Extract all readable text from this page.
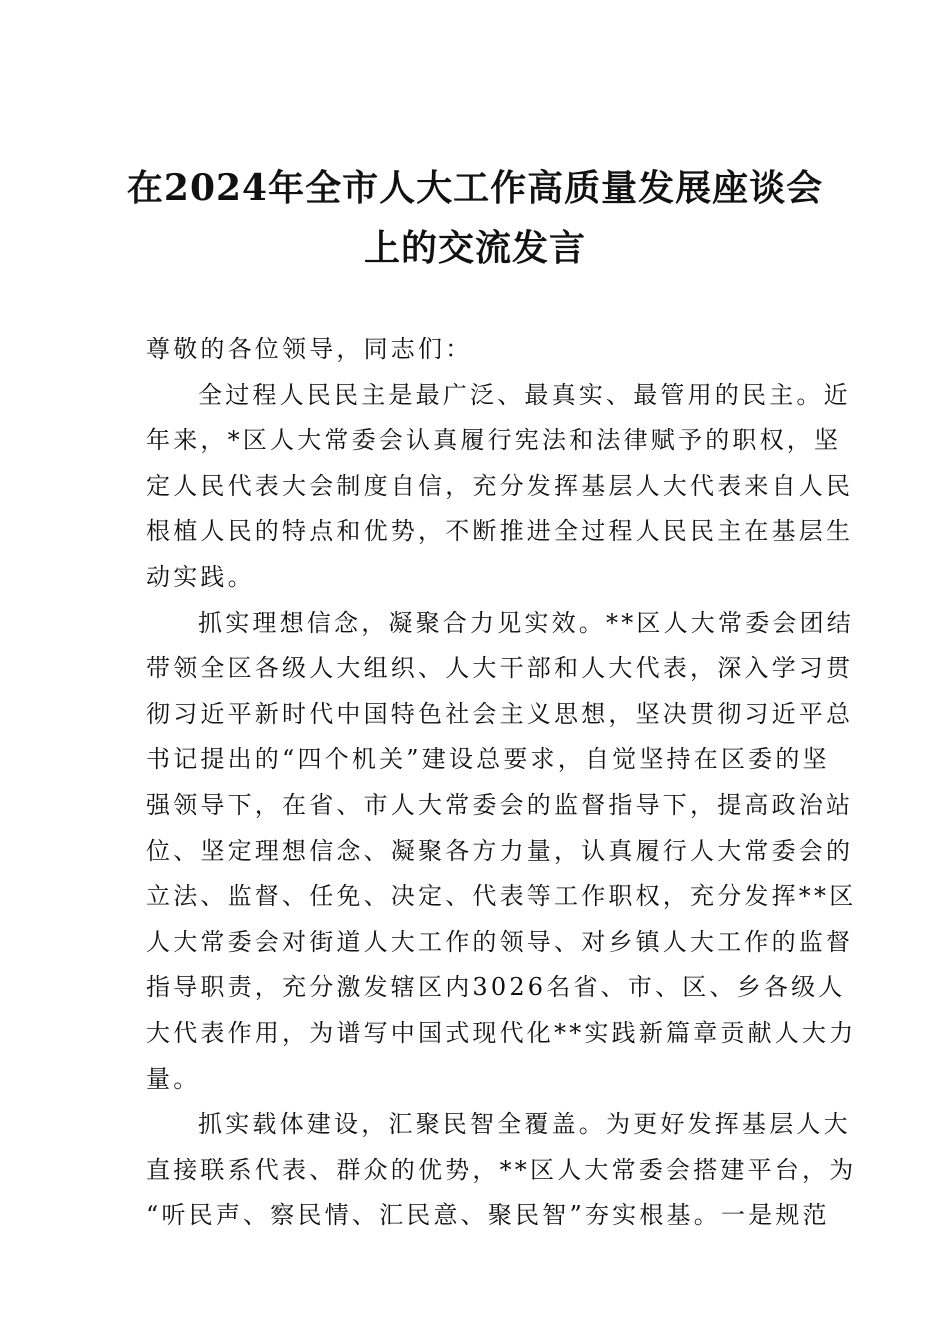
在2024年全市人大工作高质量发展座谈会
上的交流发言
尊敬的各位领导，同志们：
全过程人民民主是最广泛、最真实、最管用的民主。近
年来，*区人大常委会认真履行宪法和法律赋予的职权，坚
定人民代表大会制度自信，充分发挥基层人大代表来自人民
根植人民的特点和优势，不断推进全过程人民民主在基层生
动实践。
抓实理想信念，凝聚合力见实效。**区人大常委会团结
带领全区各级人大组织、人大干部和人大代表，深入学习贯
彻习近平新时代中国特色社会主义思想，坚决贯彻习近平总
书记提出的“四个机关”建设总要求，自觉坚持在区委的坚
强领导下，在省、市人大常委会的监督指导下，提高政治站
位、坚定理想信念、凝聚各方力量，认真履行人大常委会的
立法、监督、任免、决定、代表等工作职权，充分发挥**区
人大常委会对街道人大工作的领导、对乡镇人大工作的监督
指导职责，充分激发辖区内3026名省、市、区、乡各级人
大代表作用，为谱写中国式现代化**实践新篇章贡献人大力
量。
抓实载体建设，汇聚民智全覆盖。为更好发挥基层人大
直接联系代表、群众的优势，**区人大常委会搭建平台，为
“听民声、察民情、汇民意、聚民智”夯实根基。一是规范
